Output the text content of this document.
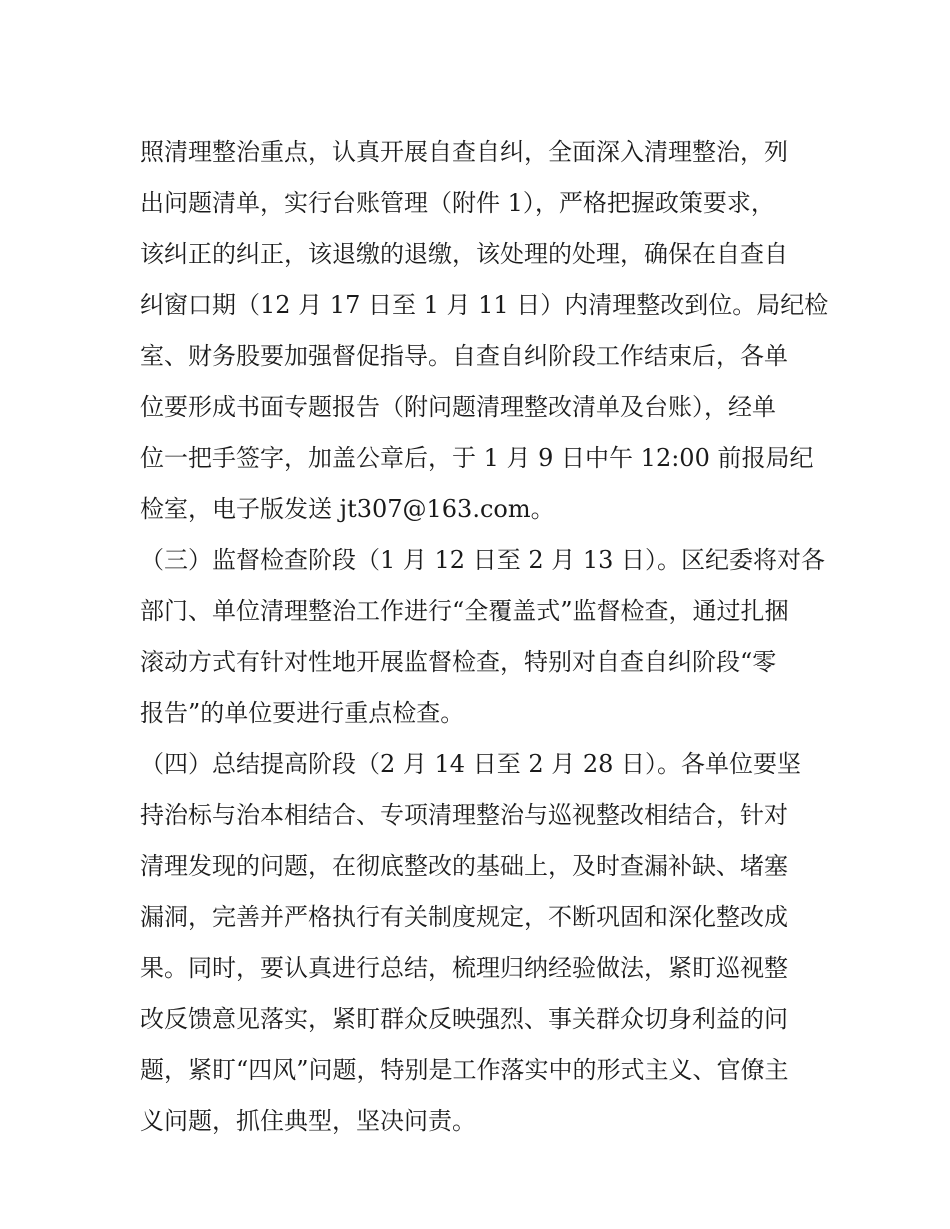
照清理整治重点，认真开展自查自纠，全面深入清理整治，列
出问题清单，实行台账管理（附件 1），严格把握政策要求，
该纠正的纠正，该退缴的退缴，该处理的处理，确保在自查自
纠窗口期（12 月 17 日至 1 月 11 日）内清理整改到位。局纪检
室、财务股要加强督促指导。自查自纠阶段工作结束后，各单
位要形成书面专题报告（附问题清理整改清单及台账），经单
位一把手签字，加盖公章后，于 1 月 9 日中午 12:00 前报局纪
检室，电子版发送 jt307@163.com。
（三）监督检查阶段（1 月 12 日至 2 月 13 日）。区纪委将对各
部门、单位清理整治工作进行“全覆盖式”监督检查，通过扎捆
滚动方式有针对性地开展监督检查，特别对自查自纠阶段“零
报告”的单位要进行重点检查。
（四）总结提高阶段（2 月 14 日至 2 月 28 日）。各单位要坚
持治标与治本相结合、专项清理整治与巡视整改相结合，针对
清理发现的问题，在彻底整改的基础上，及时查漏补缺、堵塞
漏洞，完善并严格执行有关制度规定，不断巩固和深化整改成
果。同时，要认真进行总结，梳理归纳经验做法，紧盯巡视整
改反馈意见落实，紧盯群众反映强烈、事关群众切身利益的问
题，紧盯“四风”问题，特别是工作落实中的形式主义、官僚主
义问题，抓住典型，坚决问责。
